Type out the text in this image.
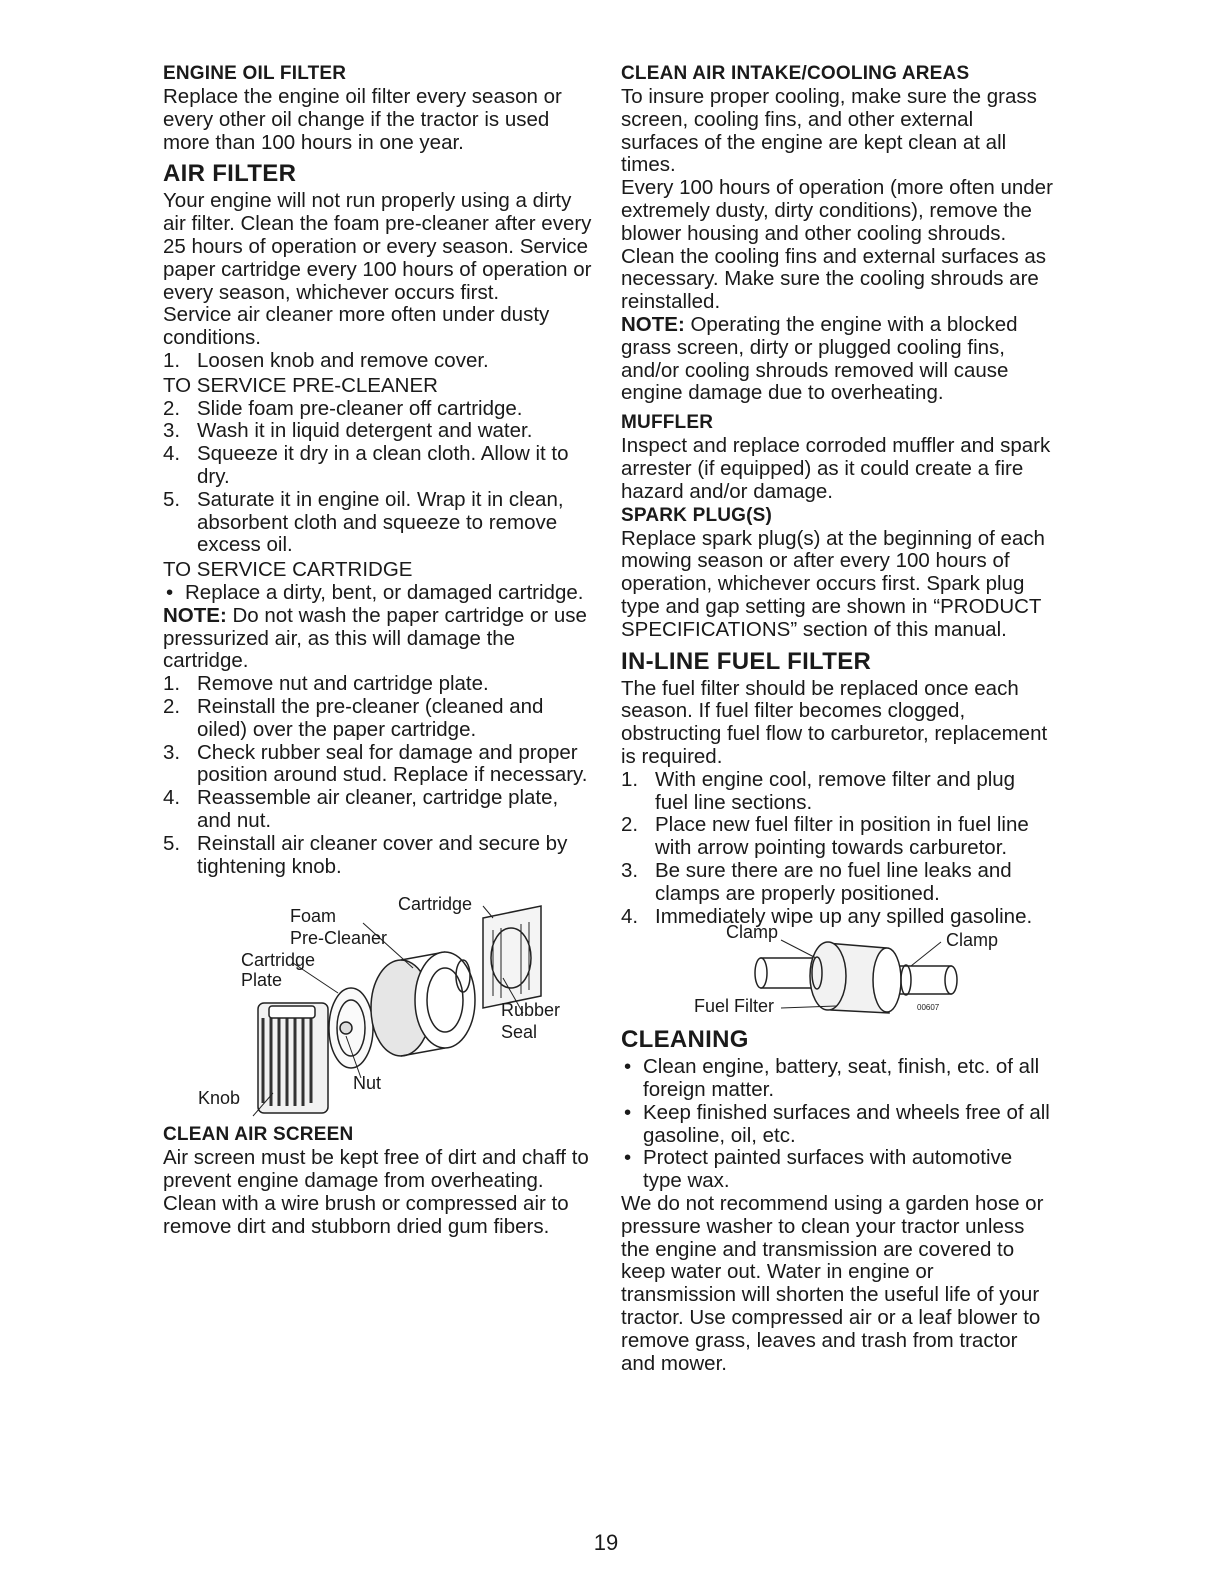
ENGINE OIL FILTER

Replace the engine oil filter every season or every other oil change if the tractor is used more than 100 hours in one year.

AIR FILTER

Your engine will not run properly using a dirty air filter. Clean the foam pre-cleaner after every 25 hours of operation or every season. Service paper cartridge every 100 hours of operation or every season, whichever occurs first.

Service air cleaner more often under dusty conditions.

1. Loosen knob and remove cover.
TO SERVICE PRE-CLEANER
2. Slide foam pre-cleaner off cartridge.
3. Wash it in liquid detergent and water.
4. Squeeze it dry in a clean cloth. Allow it to dry.
5. Saturate it in engine oil. Wrap it in clean, absorbent cloth and squeeze to remove excess oil.
TO SERVICE CARTRIDGE
• Replace a dirty, bent, or damaged cartridge.

NOTE: Do not wash the paper cartridge or use pressurized air, as this will damage the cartridge.

1. Remove nut and cartridge plate.
2. Reinstall the pre-cleaner (cleaned and oiled) over the paper cartridge.
3. Check rubber seal for damage and proper position around stud. Replace if necessary.
4. Reassemble air cleaner, cartridge plate, and nut.
5. Reinstall air cleaner cover and secure by tightening knob.
Cartridge
Foam
Pre-Cleaner
Cartridge
Plate
Rubber
Seal
Nut
Knob
CLEAN AIR SCREEN

Air screen must be kept free of dirt and chaff to prevent engine damage from overheating. Clean with a wire brush or compressed air to remove dirt and stubborn dried gum fibers.

CLEAN AIR INTAKE/COOLING AREAS

To insure proper cooling, make sure the grass screen, cooling fins, and other external surfaces of the engine are kept clean at all times.

Every 100 hours of operation (more often under extremely dusty, dirty conditions), remove the blower housing and other cooling shrouds. Clean the cooling fins and external surfaces as necessary. Make sure the cooling shrouds are reinstalled.

NOTE: Operating the engine with a blocked grass screen, dirty or plugged cooling fins, and/or cooling shrouds removed will cause engine damage due to overheating.

MUFFLER

Inspect and replace corroded muffler and spark arrester (if equipped) as it could create a fire hazard and/or damage.

SPARK PLUG(S)

Replace spark plug(s) at the beginning of each mowing season or after every 100 hours of operation, whichever occurs first. Spark plug type and gap setting are shown in “PRODUCT SPECIFICATIONS” section of this manual.

IN-LINE FUEL FILTER

The fuel filter should be replaced once each season. If fuel filter becomes clogged, obstructing fuel flow to carburetor, replacement is required.

1. With engine cool, remove filter and plug fuel line sections.
2. Place new fuel filter in position in fuel line with arrow pointing towards carburetor.
3. Be sure there are no fuel line leaks and clamps are properly positioned.
4. Immediately wipe up any spilled gasoline.
00607
Clamp	Clamp
Fuel Filter
CLEANING
• Clean engine, battery, seat, finish, etc. of all foreign matter.
• Keep finished surfaces and wheels free of all gasoline, oil, etc.
• Protect painted surfaces with automotive type wax.

We do not recommend using a garden hose or pressure washer to clean your tractor unless the engine and transmission are covered to keep water out. Water in engine or transmission will shorten the useful life of your tractor. Use compressed air or a leaf blower to remove grass, leaves and trash from tractor and mower.

19
